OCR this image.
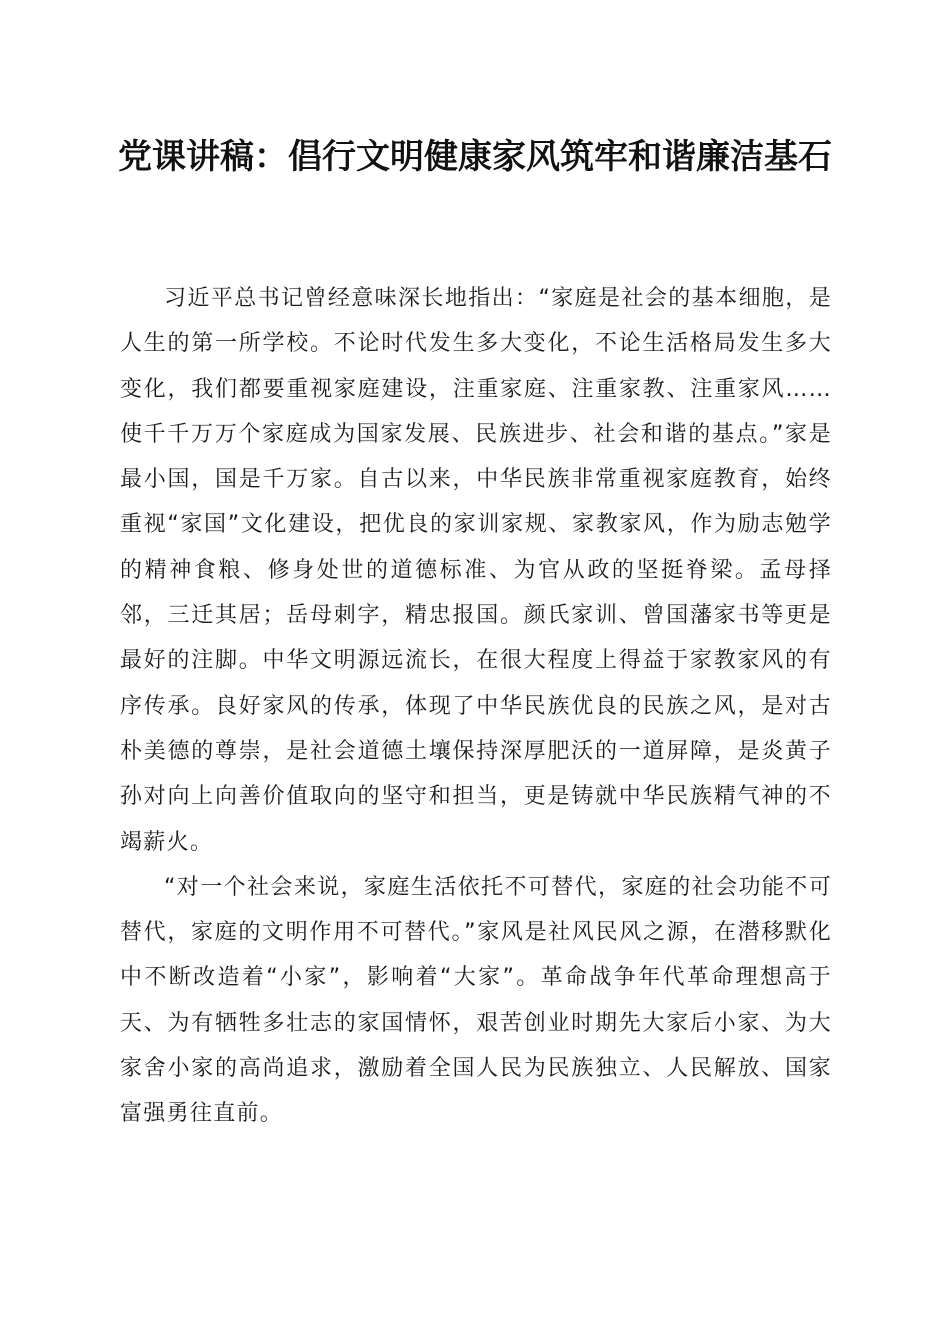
党课讲稿：倡行文明健康家风筑牢和谐廉洁基石

习近平总书记曾经意味深长地指出：“家庭是社会的基本细胞，是人生的第一所学校。不论时代发生多大变化，不论生活格局发生多大变化，我们都要重视家庭建设，注重家庭、注重家教、注重家风……使千千万万个家庭成为国家发展、民族进步、社会和谐的基点。”家是最小国，国是千万家。自古以来，中华民族非常重视家庭教育，始终重视“家国”文化建设，把优良的家训家规、家教家风，作为励志勉学的精神食粮、修身处世的道德标准、为官从政的坚挺脊梁。孟母择邻，三迁其居；岳母刺字，精忠报国。颜氏家训、曾国藩家书等更是最好的注脚。中华文明源远流长，在很大程度上得益于家教家风的有序传承。良好家风的传承，体现了中华民族优良的民族之风，是对古朴美德的尊崇，是社会道德土壤保持深厚肥沃的一道屏障，是炎黄子孙对向上向善价值取向的坚守和担当，更是铸就中华民族精气神的不竭薪火。

“对一个社会来说，家庭生活依托不可替代，家庭的社会功能不可替代，家庭的文明作用不可替代。”家风是社风民风之源，在潜移默化中不断改造着“小家”，影响着“大家”。革命战争年代革命理想高于天、为有牺牲多壮志的家国情怀，艰苦创业时期先大家后小家、为大家舍小家的高尚追求，激励着全国人民为民族独立、人民解放、国家富强勇往直前。
